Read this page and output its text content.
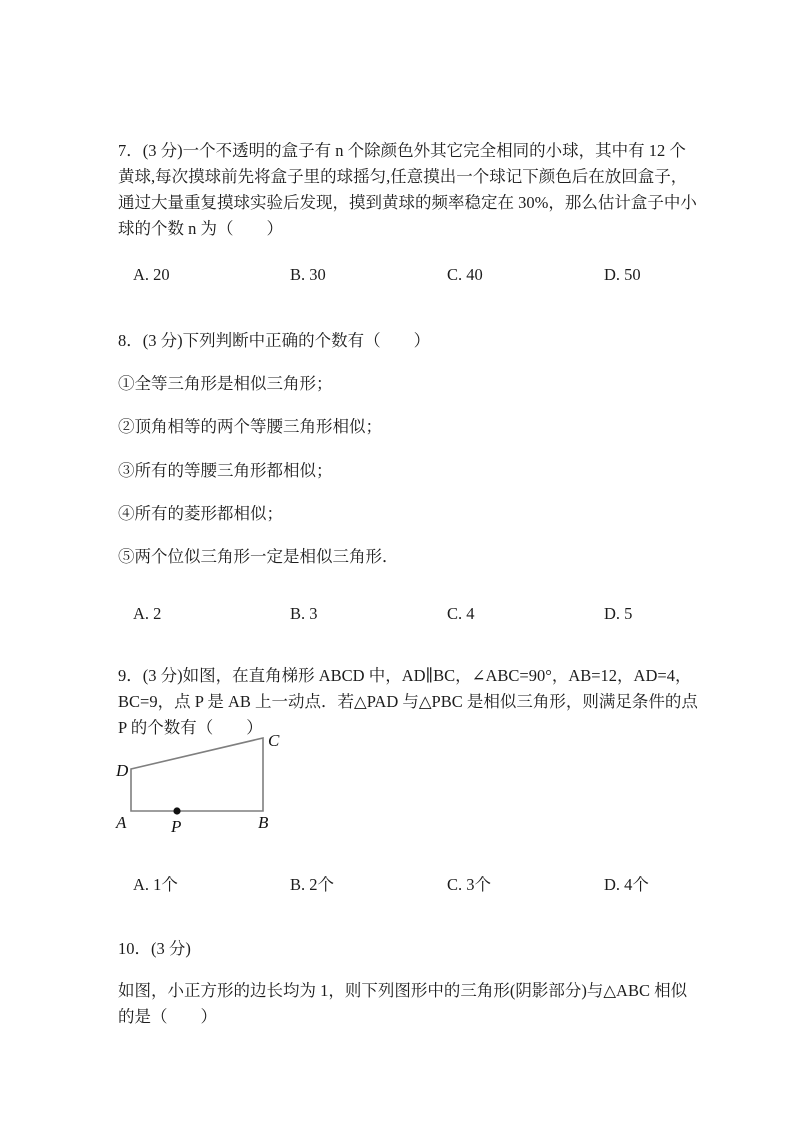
7．(3 分)一个不透明的盒子有 n 个除颜色外其它完全相同的小球，其中有 12 个
黄球,每次摸球前先将盒子里的球摇匀,任意摸出一个球记下颜色后在放回盒子，
通过大量重复摸球实验后发现，摸到黄球的频率稳定在 30%，那么估计盒子中小
球的个数 n 为（　　）
A. 20	B. 30	C. 40	D. 50
8．(3 分)下列判断中正确的个数有（　　）
①全等三角形是相似三角形；
②顶角相等的两个等腰三角形相似；
③所有的等腰三角形都相似；
④所有的菱形都相似；
⑤两个位似三角形一定是相似三角形．
A. 2	B. 3	C. 4	D. 5
9．(3 分)如图，在直角梯形 ABCD 中，AD∥BC，∠ABC=90°，AB=12，AD=4，
BC=9，点 P 是 AB 上一动点．若△PAD 与△PBC 是相似三角形，则满足条件的点
P 的个数有（　　）
A	B
C
D
P
A. 1个	B. 2个	C. 3个	D. 4个
10．(3 分)
如图，小正方形的边长均为 1，则下列图形中的三角形(阴影部分)与△ABC 相似
的是（　　）
